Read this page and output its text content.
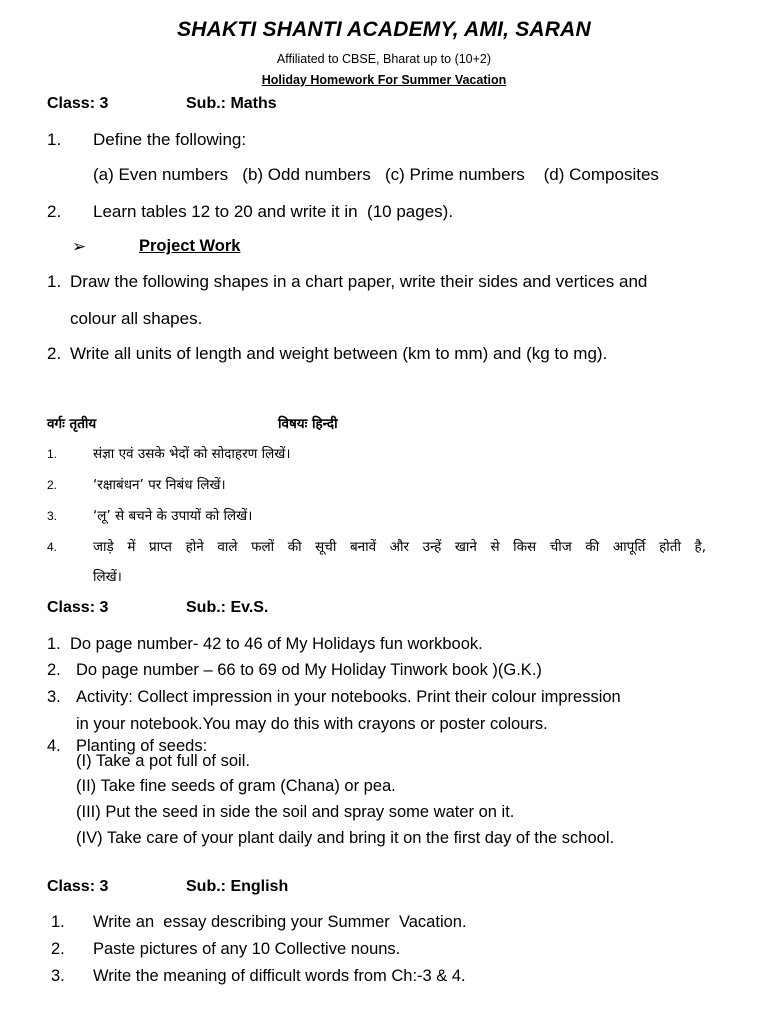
SHAKTI SHANTI ACADEMY, AMI, SARAN
Affiliated to CBSE, Bharat up to (10+2)
Holiday Homework For Summer Vacation
Class: 3	Sub.: Maths
1. Define the following:
(a) Even numbers   (b) Odd numbers   (c) Prime numbers    (d) Composites
2. Learn tables 12 to 20 and write it in  (10 pages).
➢	Project Work
1. Draw the following shapes in a chart paper, write their sides and vertices and
colour all shapes.
2. Write all units of length and weight between (km to mm) and (kg to mg).
वर्गः तृतीय	विषयः हिन्दी
1.	संज्ञा एवं उसके भेदों को सोदाहरण लिखें।
2.	‘रक्षाबंधन’ पर निबंध लिखें।
3.	‘लू’ से बचने के उपायों को लिखें।
4.	जाड़े में प्राप्त होने वाले फलों की सूची बनावें और उन्हें खाने से किस चीज की आपूर्ति होती है,
लिखें।
Class: 3	Sub.: Ev.S.
1. Do page number- 42 to 46 of My Holidays fun workbook.
2. Do page number – 66 to 69 od My Holiday Tinwork book )(G.K.)
3. Activity: Collect impression in your notebooks. Print their colour impression
in your notebook.You may do this with crayons or poster colours.
4. Planting of seeds:
(I) Take a pot full of soil.
(II) Take fine seeds of gram (Chana) or pea.
(III) Put the seed in side the soil and spray some water on it.
(IV) Take care of your plant daily and bring it on the first day of the school.
Class: 3	Sub.: English
1. Write an  essay describing your Summer  Vacation.
2. Paste pictures of any 10 Collective nouns.
3. Write the meaning of difficult words from Ch:-3 & 4.
